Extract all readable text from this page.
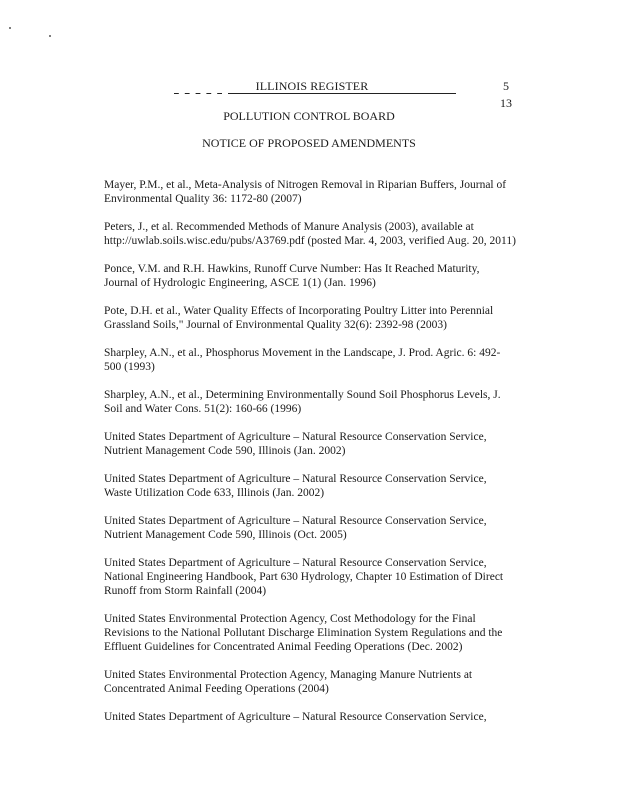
ILLINOIS REGISTER	5
13
POLLUTION CONTROL BOARD
NOTICE OF PROPOSED AMENDMENTS
Mayer, P.M., et al., Meta-Analysis of Nitrogen Removal in Riparian Buffers, Journal of
Environmental Quality 36: 1172-80 (2007)
Peters, J., et al. Recommended Methods of Manure Analysis (2003), available at
http://uwlab.soils.wisc.edu/pubs/A3769.pdf (posted Mar. 4, 2003, verified Aug. 20, 2011)
Ponce, V.M. and R.H. Hawkins, Runoff Curve Number: Has It Reached Maturity,
Journal of Hydrologic Engineering, ASCE 1(1) (Jan. 1996)
Pote, D.H. et al., Water Quality Effects of Incorporating Poultry Litter into Perennial
Grassland Soils," Journal of Environmental Quality 32(6): 2392-98 (2003)
Sharpley, A.N., et al., Phosphorus Movement in the Landscape, J. Prod. Agric. 6: 492-
500 (1993)
Sharpley, A.N., et al., Determining Environmentally Sound Soil Phosphorus Levels, J.
Soil and Water Cons. 51(2): 160-66 (1996)
United States Department of Agriculture – Natural Resource Conservation Service,
Nutrient Management Code 590, Illinois (Jan. 2002)
United States Department of Agriculture – Natural Resource Conservation Service,
Waste Utilization Code 633, Illinois (Jan. 2002)
United States Department of Agriculture – Natural Resource Conservation Service,
Nutrient Management Code 590, Illinois (Oct. 2005)
United States Department of Agriculture – Natural Resource Conservation Service,
National Engineering Handbook, Part 630 Hydrology, Chapter 10 Estimation of Direct
Runoff from Storm Rainfall (2004)
United States Environmental Protection Agency, Cost Methodology for the Final
Revisions to the National Pollutant Discharge Elimination System Regulations and the
Effluent Guidelines for Concentrated Animal Feeding Operations (Dec. 2002)
United States Environmental Protection Agency, Managing Manure Nutrients at
Concentrated Animal Feeding Operations (2004)
United States Department of Agriculture – Natural Resource Conservation Service,
